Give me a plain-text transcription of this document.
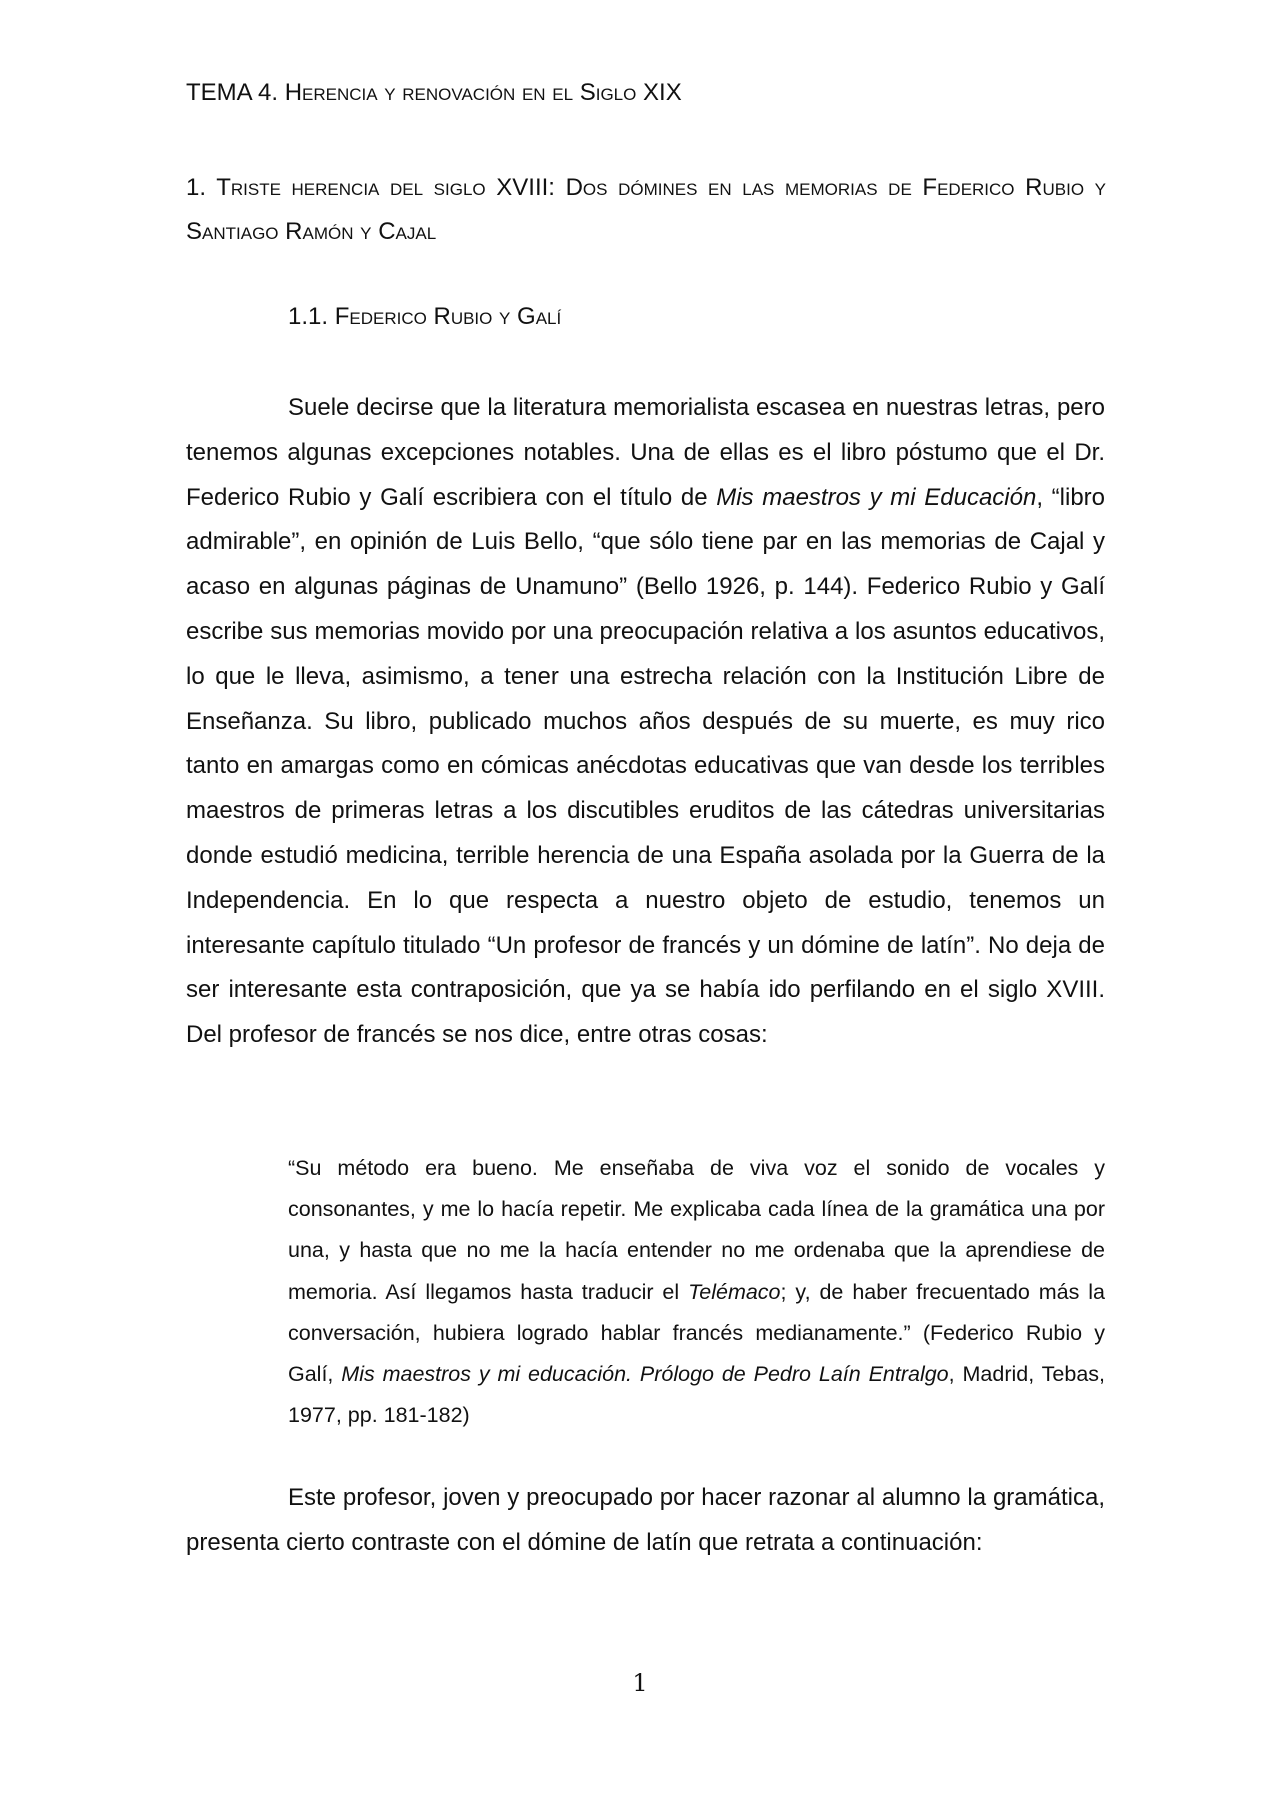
TEMA 4. Herencia y renovación en el Siglo XIX
1. Triste herencia del siglo XVIII: Dos dómines en las memorias de Federico Rubio y Santiago Ramón y Cajal
1.1. Federico Rubio y Galí

Suele decirse que la literatura memorialista escasea en nuestras letras, pero tenemos algunas excepciones notables. Una de ellas es el libro póstumo que el Dr. Federico Rubio y Galí escribiera con el título de Mis maestros y mi Educación, “libro admirable”, en opinión de Luis Bello, “que sólo tiene par en las memorias de Cajal y acaso en algunas páginas de Unamuno” (Bello 1926, p. 144). Federico Rubio y Galí escribe sus memorias movido por una preocupación relativa a los asuntos educativos, lo que le lleva, asimismo, a tener una estrecha relación con la Institución Libre de Enseñanza. Su libro, publicado muchos años después de su muerte, es muy rico tanto en amargas como en cómicas anécdotas educativas que van desde los terribles maestros de primeras letras a los discutibles eruditos de las cátedras universitarias donde estudió medicina, terrible herencia de una España asolada por la Guerra de la Independencia. En lo que respecta a nuestro objeto de estudio, tenemos un interesante capítulo titulado “Un profesor de francés y un dómine de latín”. No deja de ser interesante esta contraposición, que ya se había ido perfilando en el siglo XVIII. Del profesor de francés se nos dice, entre otras cosas:

“Su método era bueno. Me enseñaba de viva voz el sonido de vocales y consonantes, y me lo hacía repetir. Me explicaba cada línea de la gramática una por una, y hasta que no me la hacía entender no me ordenaba que la aprendiese de memoria. Así llegamos hasta traducir el Telémaco; y, de haber frecuentado más la conversación, hubiera logrado hablar francés medianamente.” (Federico Rubio y Galí, Mis maestros y mi educación. Prólogo de Pedro Laín Entralgo, Madrid, Tebas, 1977, pp. 181-182)

Este profesor, joven y preocupado por hacer razonar al alumno la gramática, presenta cierto contraste con el dómine de latín que retrata a continuación:

1
